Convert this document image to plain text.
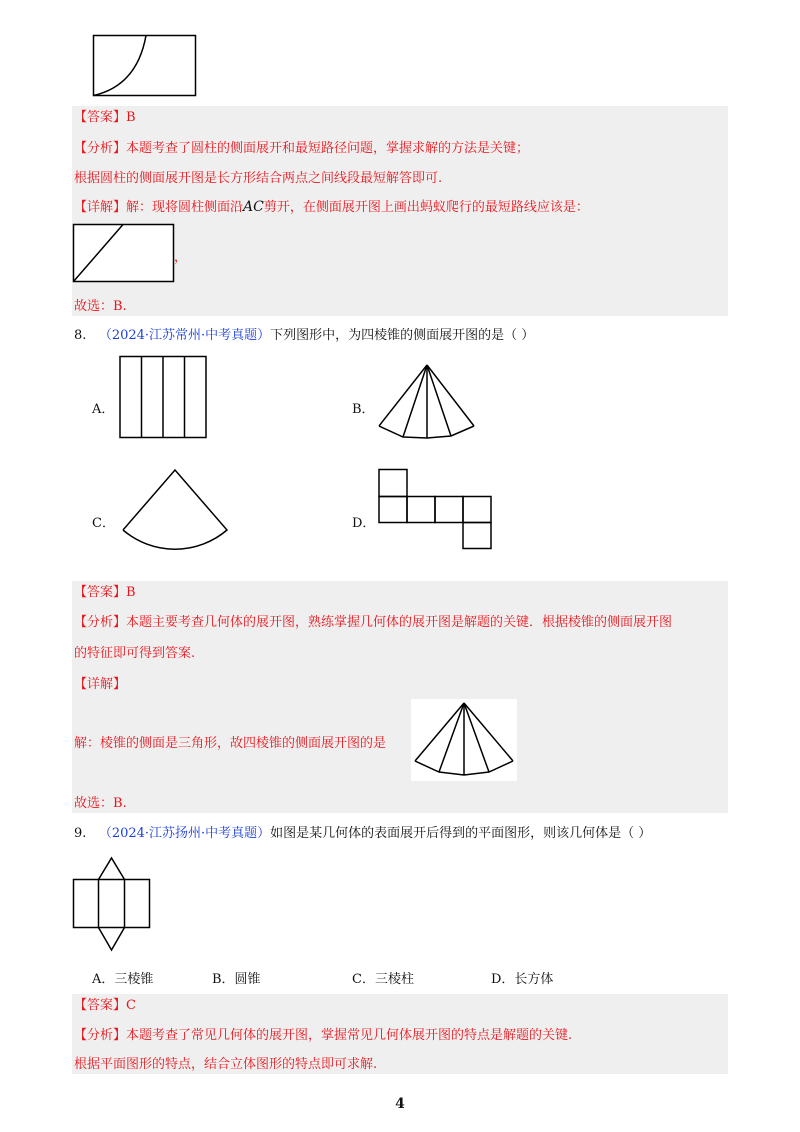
【答案】B
【分析】本题考查了圆柱的侧面展开和最短路径问题，掌握求解的方法是关键；
根据圆柱的侧面展开图是长方形结合两点之间线段最短解答即可.
【详解】解：现将圆柱侧面沿AC剪开，在侧面展开图上画出蚂蚁爬行的最短路线应该是：
，
故选：B.
8. （2024·江苏常州·中考真题）下列图形中，为四棱锥的侧面展开图的是（ ）
A．	B．
C．	D．
【答案】B
【分析】本题主要考查几何体的展开图，熟练掌握几何体的展开图是解题的关键．根据棱锥的侧面展开图
的特征即可得到答案.
【详解】
解：棱锥的侧面是三角形，故四棱锥的侧面展开图的是
故选：B.
9. （2024·江苏扬州·中考真题）如图是某几何体的表面展开后得到的平面图形，则该几何体是（ ）
A．三棱锥	B．圆锥	C．三棱柱	D．长方体
【答案】C
【分析】本题考查了常见几何体的展开图，掌握常见几何体展开图的特点是解题的关键.
根据平面图形的特点，结合立体图形的特点即可求解.
4
